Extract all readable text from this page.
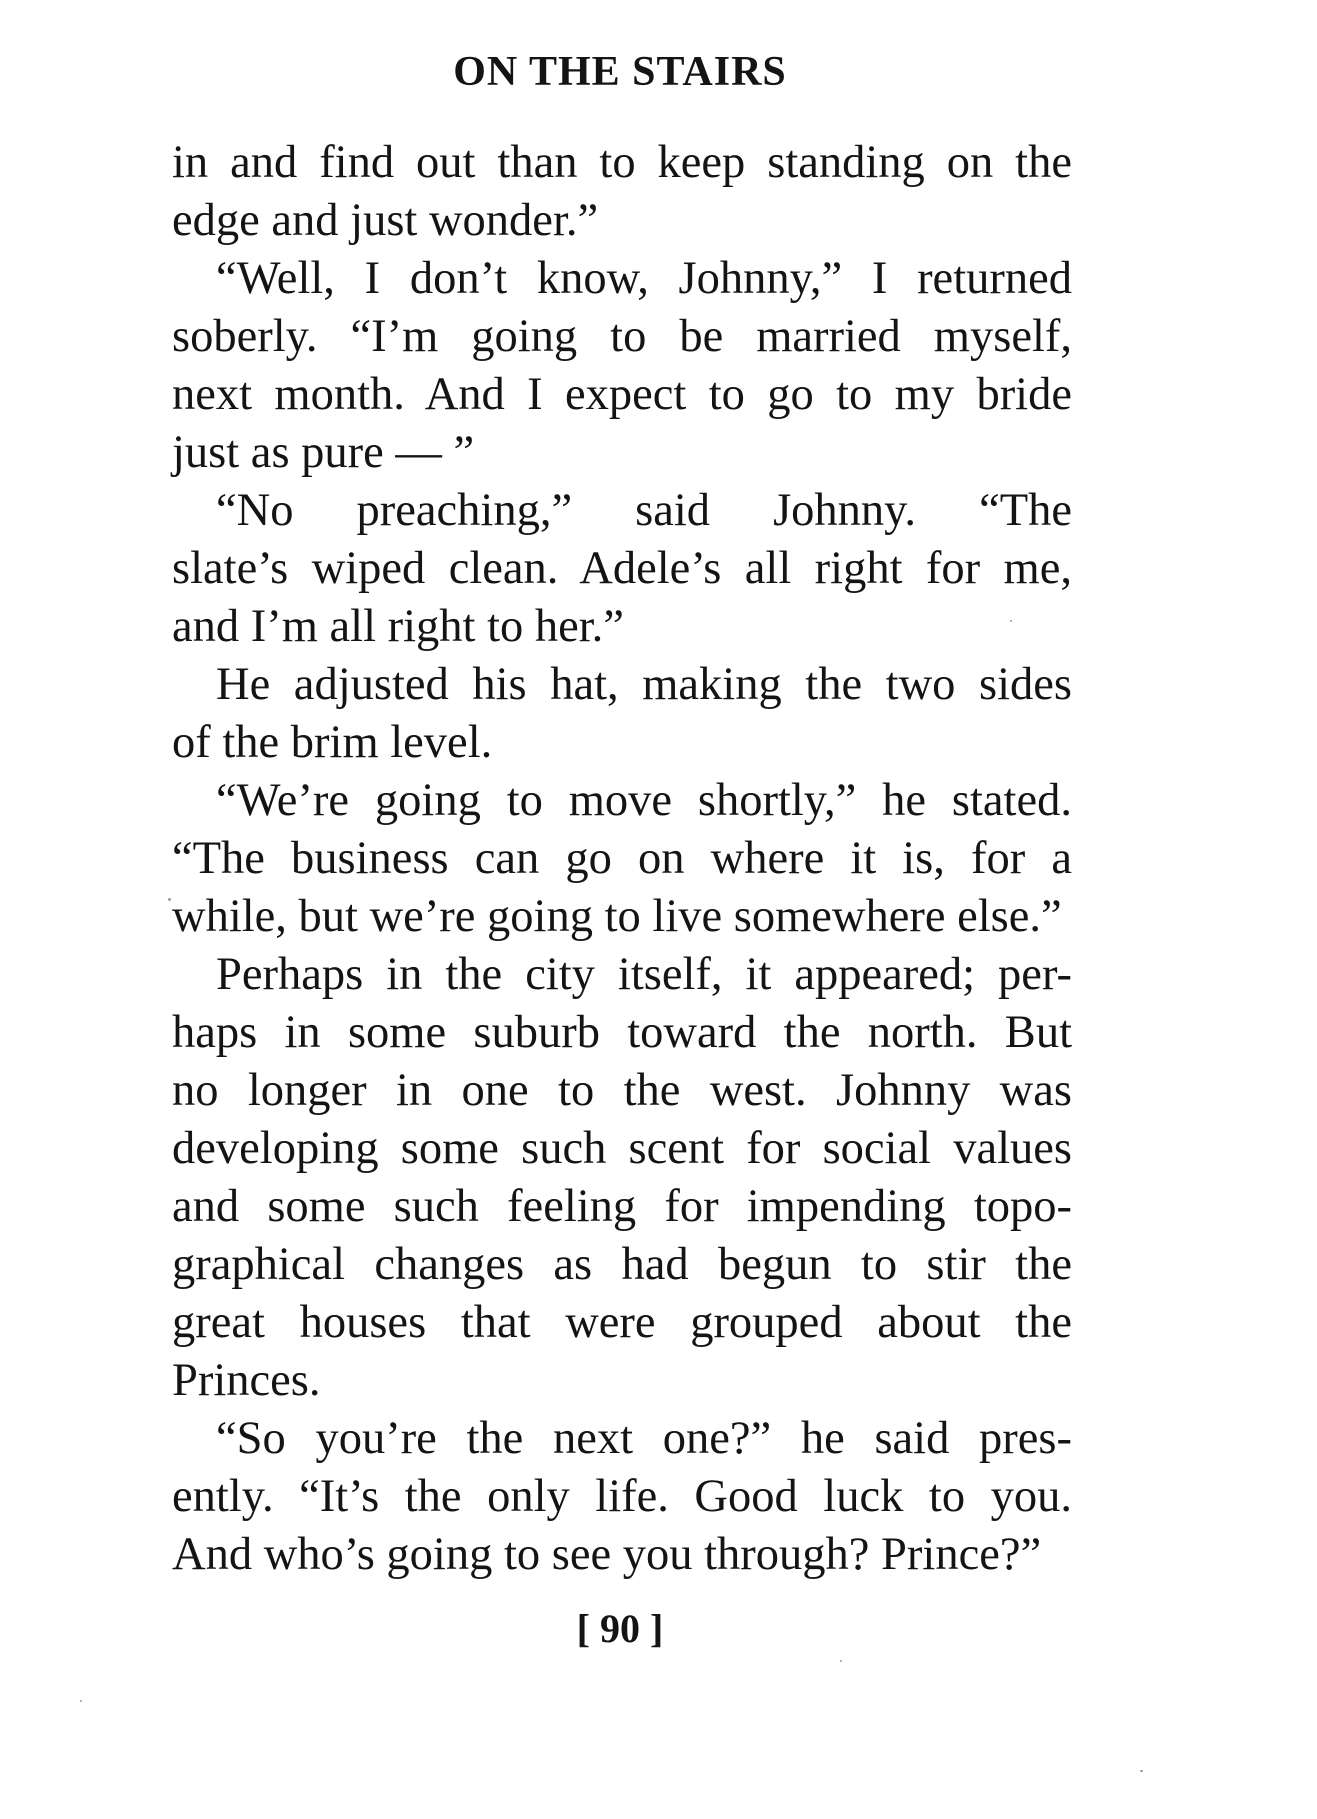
ON THE STAIRS
in and find out than to keep standing on the
edge and just wonder.”
“Well, I don’t know, Johnny,” I returned
soberly. “I’m going to be married myself,
next month. And I expect to go to my bride
just as pure — ”
“No preaching,” said Johnny. “The
slate’s wiped clean. Adele’s all right for me,
and I’m all right to her.”
He adjusted his hat, making the two sides
of the brim level.
“We’re going to move shortly,” he stated.
“The business can go on where it is, for a
while, but we’re going to live somewhere else.”
Perhaps in the city itself, it appeared; per-
haps in some suburb toward the north. But
no longer in one to the west. Johnny was
developing some such scent for social values
and some such feeling for impending topo-
graphical changes as had begun to stir the
great houses that were grouped about the
Princes.
“So you’re the next one?” he said pres-
ently. “It’s the only life. Good luck to you.
And who’s going to see you through? Prince?”
[ 90 ]
